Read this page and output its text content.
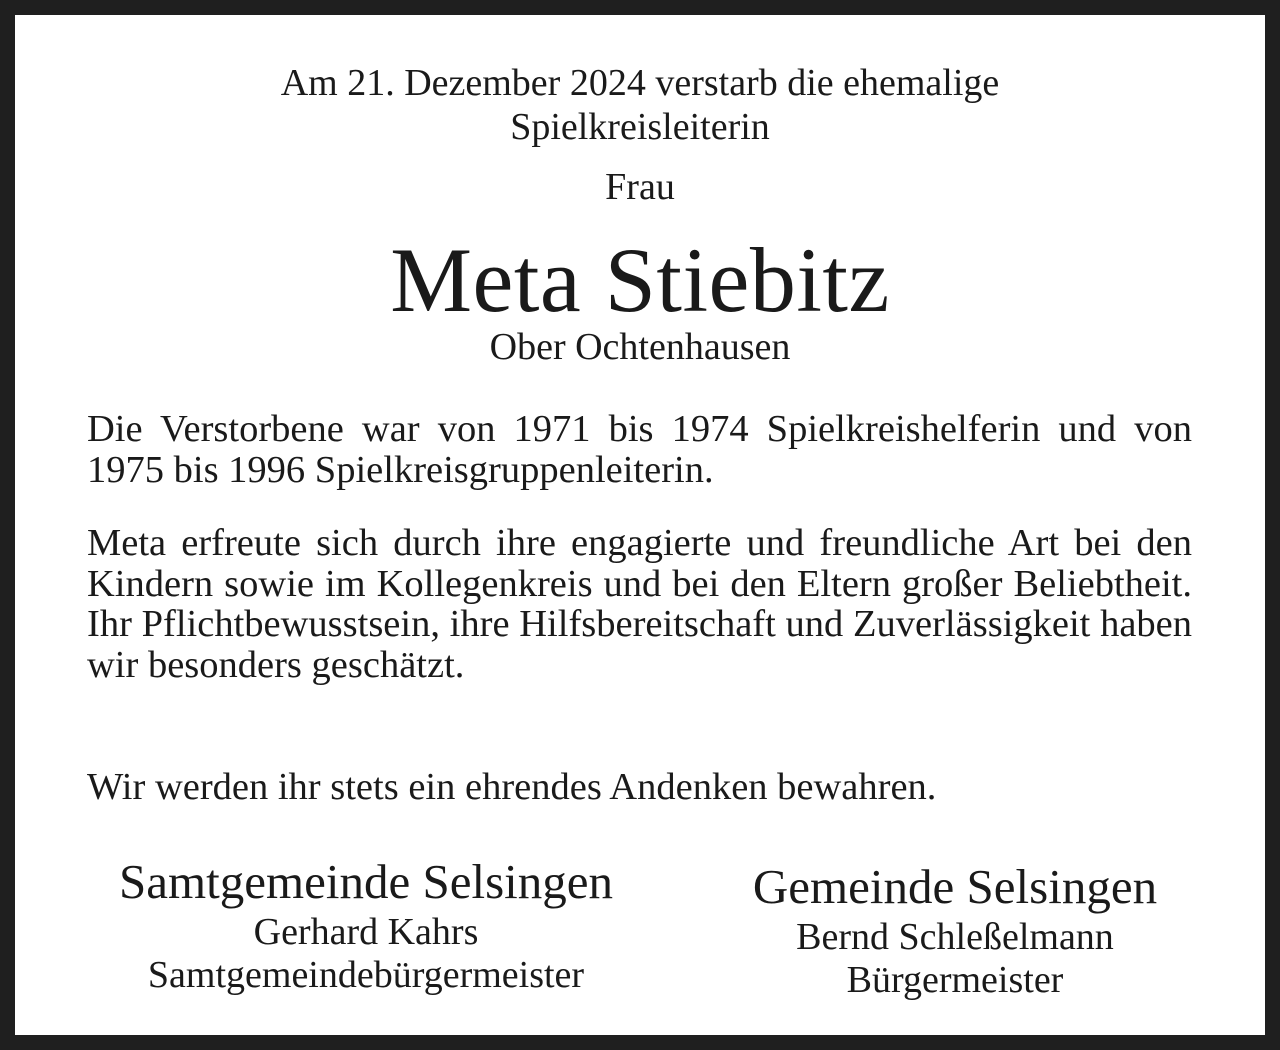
Am 21. Dezember 2024 verstarb die ehemalige

Spielkreisleiterin

Frau

Meta Stiebitz

Ober Ochtenhausen

Die Verstorbene war von 1971 bis 1974 Spielkreishelferin und von 1975 bis 1996 Spielkreisgruppenleiterin.

Meta erfreute sich durch ihre engagierte und freundliche Art bei den Kindern sowie im Kollegenkreis und bei den Eltern großer Beliebtheit. Ihr Pflichtbewusstsein, ihre Hilfsbereitschaft und Zuverlässigkeit haben wir besonders geschätzt.

Wir werden ihr stets ein ehrendes Andenken bewahren.

Samtgemeinde Selsingen
Gerhard Kahrs
Samtgemeindebürgermeister
Gemeinde Selsingen
Bernd Schleßelmann
Bürgermeister
